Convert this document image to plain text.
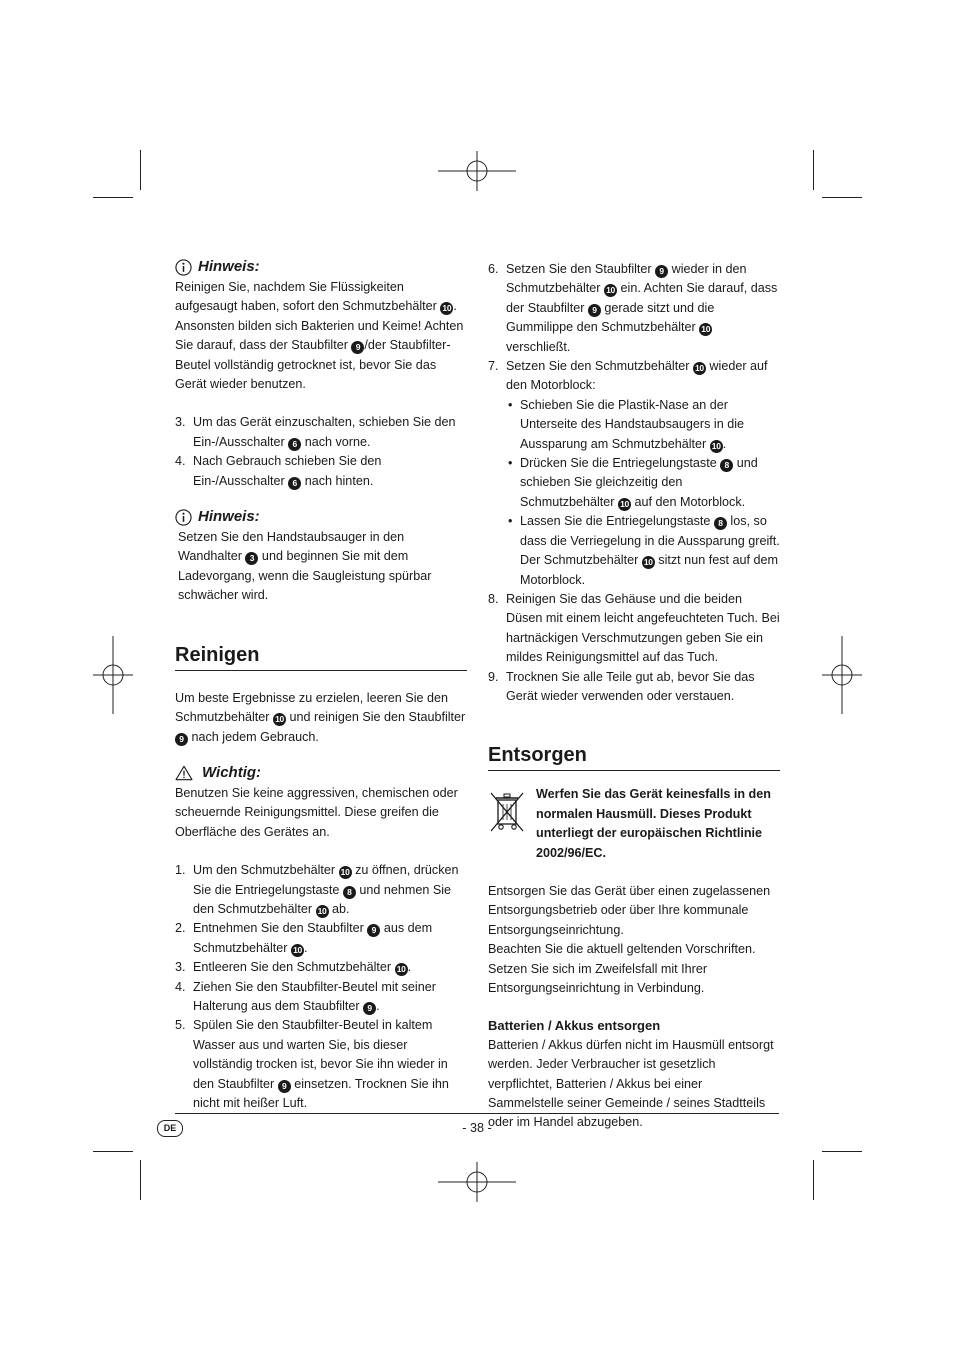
Hinweis:

Reinigen Sie, nachdem Sie Flüssigkeiten aufgesaugt haben, sofort den Schmutzbehälter 10 . Ansonsten bilden sich Bakterien und Keime! Achten Sie darauf, dass der Staubfilter 9 /der Staubfilter-Beutel vollständig getrocknet ist, bevor Sie das Gerät wieder benutzen.

3. Um das Gerät einzuschalten, schieben Sie den Ein-/Ausschalter 6 nach vorne.
4. Nach Gebrauch schieben Sie den Ein-/Ausschalter 6 nach hinten.
Hinweis:

Setzen Sie den Handstaubsauger in den Wandhalter 3 und beginnen Sie mit dem Ladevorgang, wenn die Saugleistung spürbar schwächer wird.

Reinigen

Um beste Ergebnisse zu erzielen, leeren Sie den Schmutzbehälter 10 und reinigen Sie den Staubfilter 9 nach jedem Gebrauch.

Wichtig:

Benutzen Sie keine aggressiven, chemischen oder scheuernde Reinigungsmittel. Diese greifen die Oberfläche des Gerätes an.

1. Um den Schmutzbehälter 10 zu öffnen, drücken Sie die Entriegelungstaste 8 und nehmen Sie den Schmutzbehälter 10 ab.
2. Entnehmen Sie den Staubfilter 9 aus dem Schmutzbehälter 10 .
3. Entleeren Sie den Schmutzbehälter 10 .
4. Ziehen Sie den Staubfilter-Beutel mit seiner Halterung aus dem Staubfilter 9 .
5. Spülen Sie den Staubfilter-Beutel in kaltem Wasser aus und warten Sie, bis dieser vollständig trocken ist, bevor Sie ihn wieder in den Staubfilter 9 einsetzen. Trocknen Sie ihn nicht mit heißer Luft.
6. Setzen Sie den Staubfilter 9 wieder in den Schmutzbehälter 10 ein. Achten Sie darauf, dass der Staubfilter 9 gerade sitzt und die Gummilippe den Schmutzbehälter 10 verschließt.
7. Setzen Sie den Schmutzbehälter 10 wieder auf den Motorblock:
• Schieben Sie die Plastik-Nase an der Unterseite des Handstaubsaugers in die Aussparung am Schmutzbehälter 10 .
• Drücken Sie die Entriegelungstaste 8 und schieben Sie gleichzeitig den Schmutzbehälter 10 auf den Motorblock.
• Lassen Sie die Entriegelungstaste 8 los, so dass die Verriegelung in die Aussparung greift. Der Schmutzbehälter 10 sitzt nun fest auf dem Motorblock.
8. Reinigen Sie das Gehäuse und die beiden Düsen mit einem leicht angefeuchteten Tuch. Bei hartnäckigen Verschmutzungen geben Sie ein mildes Reinigungsmittel auf das Tuch.
9. Trocknen Sie alle Teile gut ab, bevor Sie das Gerät wieder verwenden oder verstauen.
Entsorgen

Werfen Sie das Gerät keinesfalls in den normalen Hausmüll. Dieses Produkt unterliegt der europäischen Richtlinie 2002/96/EC.

Entsorgen Sie das Gerät über einen zugelassenen Entsorgungsbetrieb oder über Ihre kommunale Entsorgungseinrichtung.

Beachten Sie die aktuell geltenden Vorschriften. Setzen Sie sich im Zweifelsfall mit Ihrer Entsorgungseinrichtung in Verbindung.

Batterien / Akkus entsorgen

Batterien / Akkus dürfen nicht im Hausmüll entsorgt werden. Jeder Verbraucher ist gesetzlich verpflichtet, Batterien / Akkus bei einer Sammelstelle seiner Gemeinde / seines Stadtteils oder im Handel abzugeben.

DE	- 38 -
